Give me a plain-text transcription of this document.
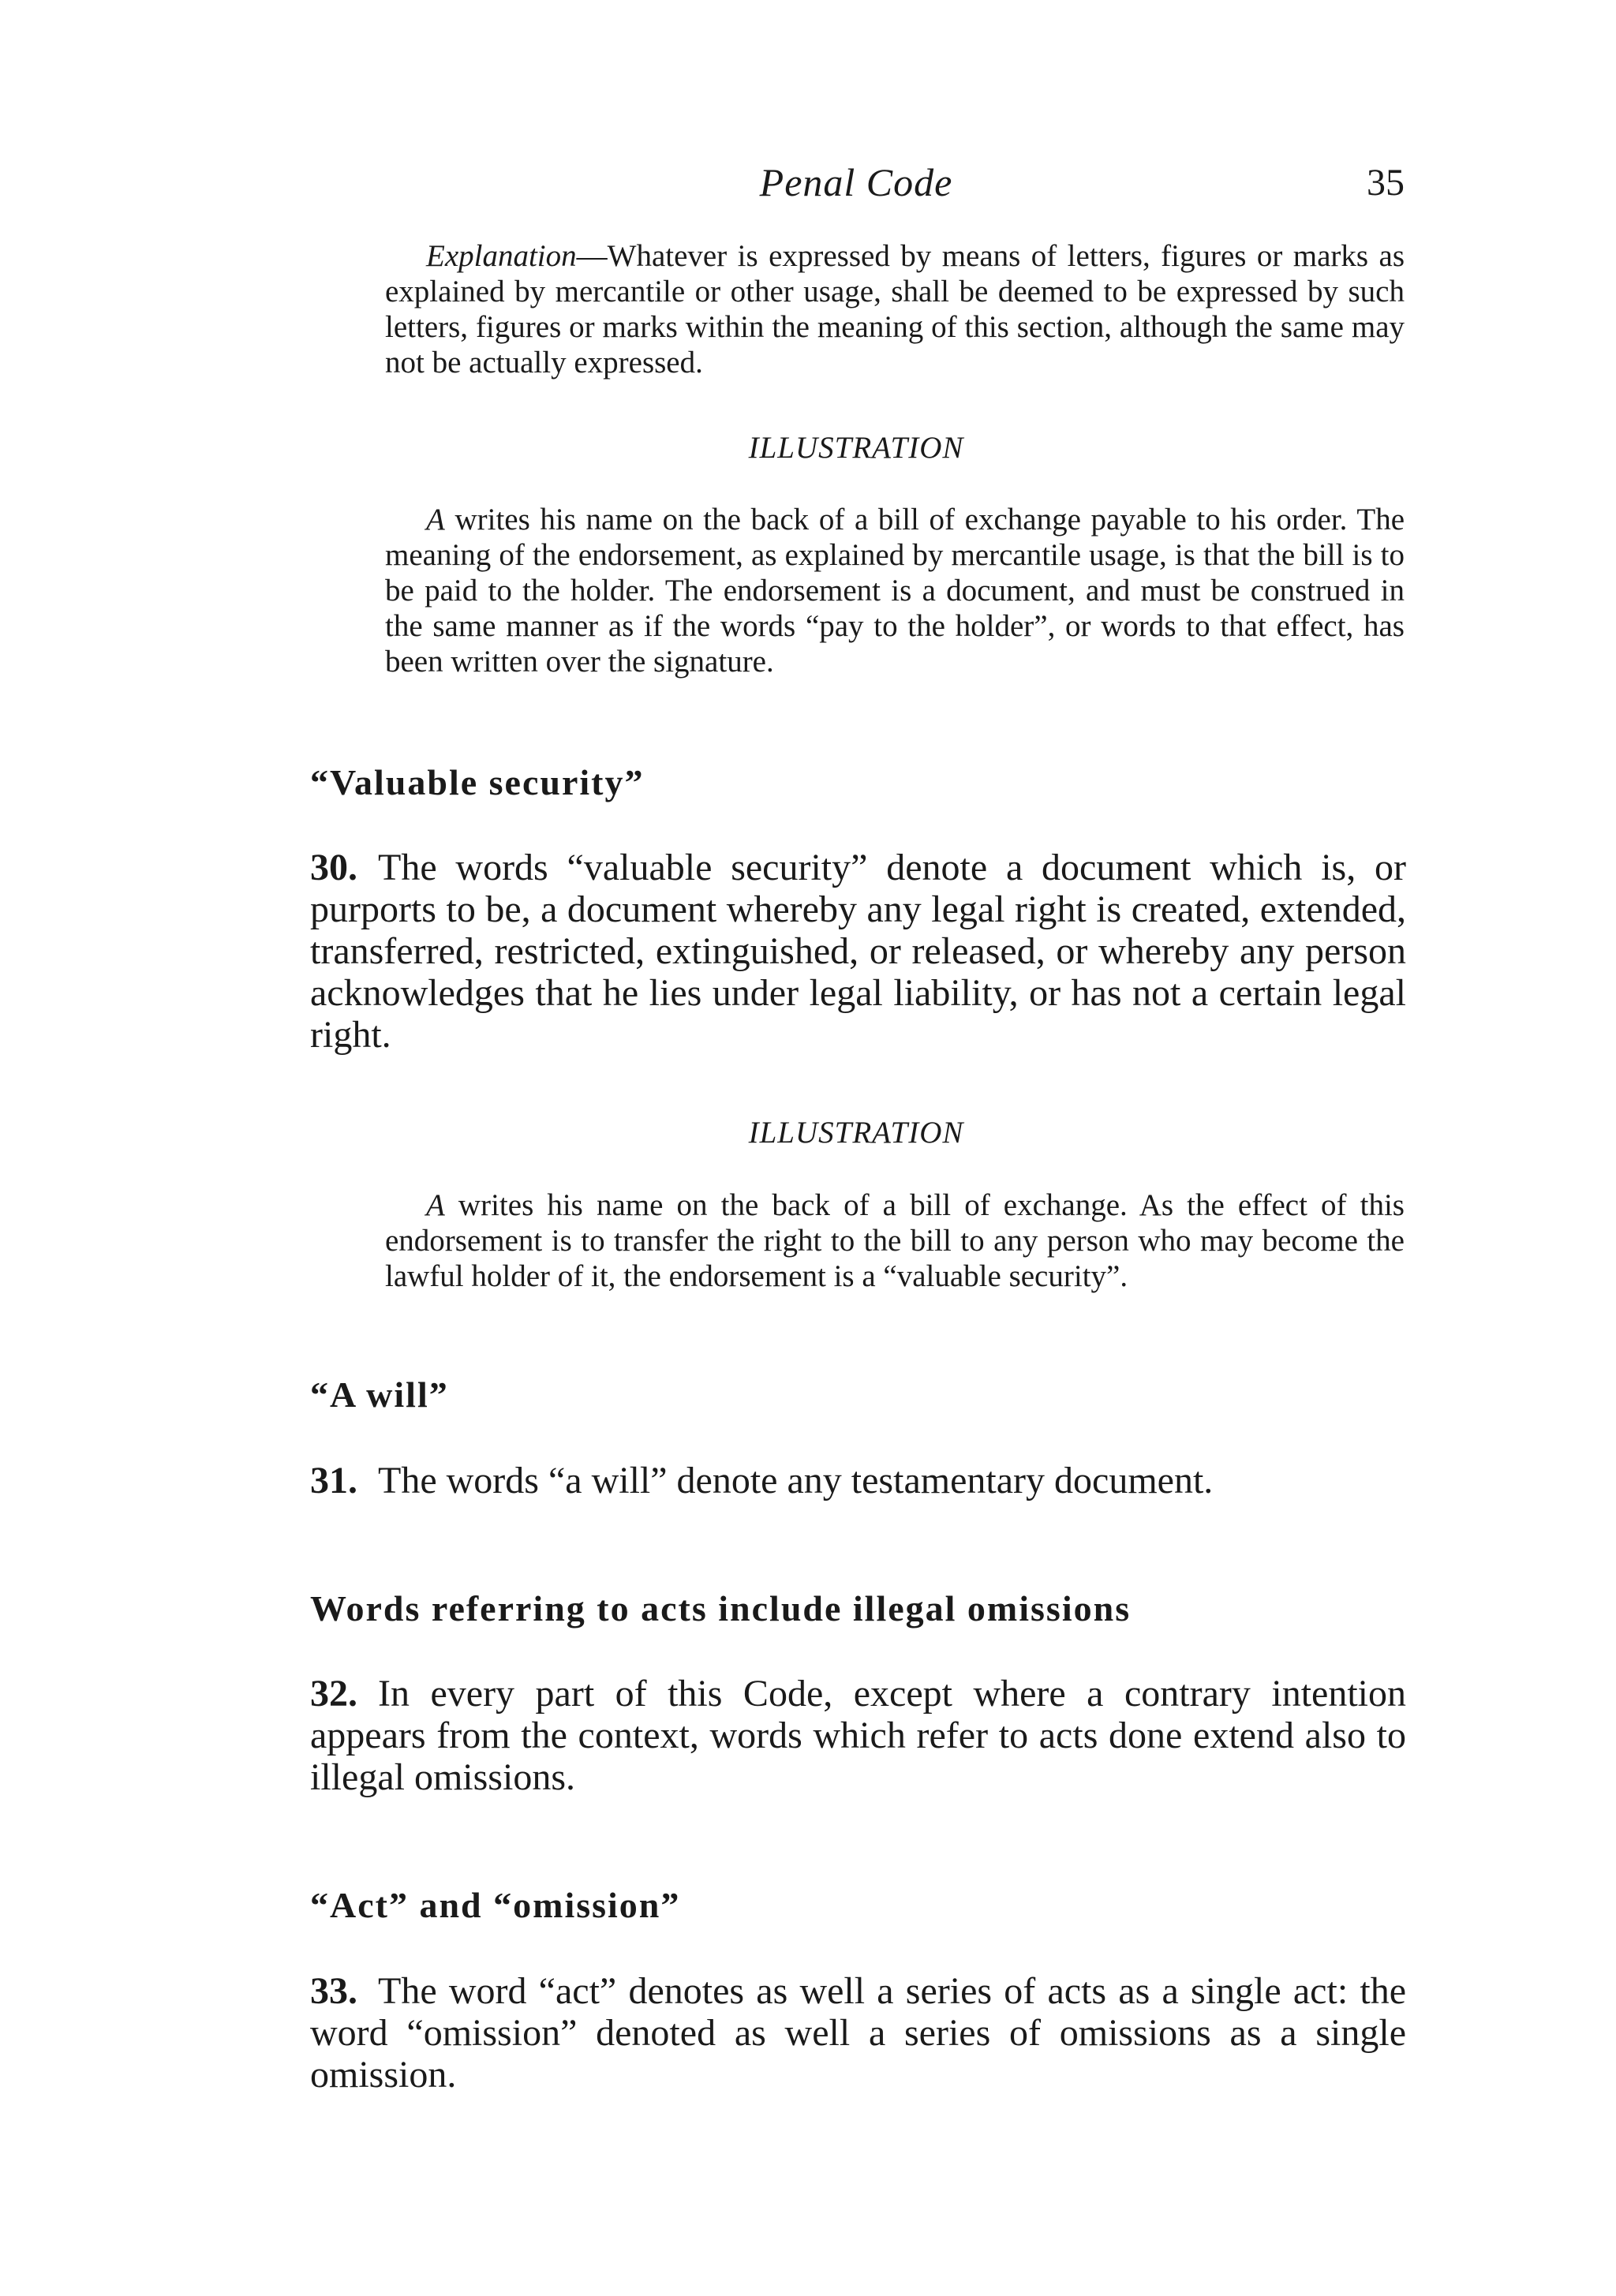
Penal Code	35

Explanation—Whatever is expressed by means of letters, figures or marks as explained by mercantile or other usage, shall be deemed to be expressed by such letters, figures or marks within the meaning of this section, although the same may not be actually expressed.

ILLUSTRATION

A writes his name on the back of a bill of exchange payable to his order. The meaning of the endorsement, as explained by mercantile usage, is that the bill is to be paid to the holder. The endorsement is a document, and must be construed in the same manner as if the words “pay to the holder”, or words to that effect, has been written over the signature.

“Valuable security”

30. The words “valuable security” denote a document which is, or purports to be, a document whereby any legal right is created, extended, transferred, restricted, extinguished, or released, or whereby any person acknowledges that he lies under legal liability, or has not a certain legal right.

ILLUSTRATION

A writes his name on the back of a bill of exchange. As the effect of this endorsement is to transfer the right to the bill to any person who may become the lawful holder of it, the endorsement is a “valuable security”.

“A will”

31. The words “a will” denote any testamentary document.

Words referring to acts include illegal omissions

32. In every part of this Code, except where a contrary intention appears from the context, words which refer to acts done extend also to illegal omissions.

“Act” and “omission”

33. The word “act” denotes as well a series of acts as a single act: the word “omission” denoted as well a series of omissions as a single omission.
